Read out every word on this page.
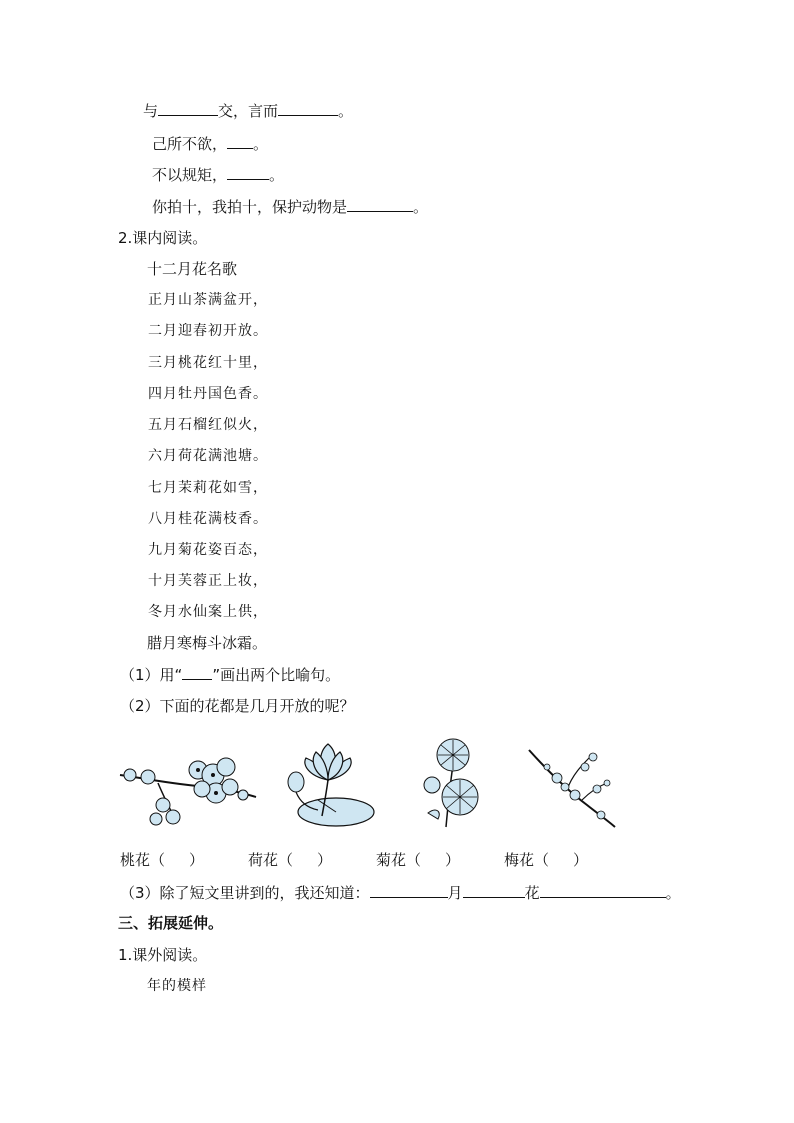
与	交，言而	。
己所不欲， 。
不以规矩，	。
你拍十，我拍十，保护动物是	。
2.课内阅读。
十二月花名歌
正月山茶满盆开，
二月迎春初开放。
三月桃花红十里，
四月牡丹国色香。
五月石榴红似火，
六月荷花满池塘。
七月茉莉花如雪，
八月桂花满枝香。
九月菊花姿百态，
十月芙蓉正上妆，
冬月水仙案上供，
腊月寒梅斗冰霜。
（1）用“ ”画出两个比喻句。
（2）下面的花都是几月开放的呢？
桃花（ ）	荷花（ ）	菊花（ ）	梅花（ ）
（3）除了短文里讲到的，我还知道：	月	花	。
三、拓展延伸。
1.课外阅读。
年的模样
